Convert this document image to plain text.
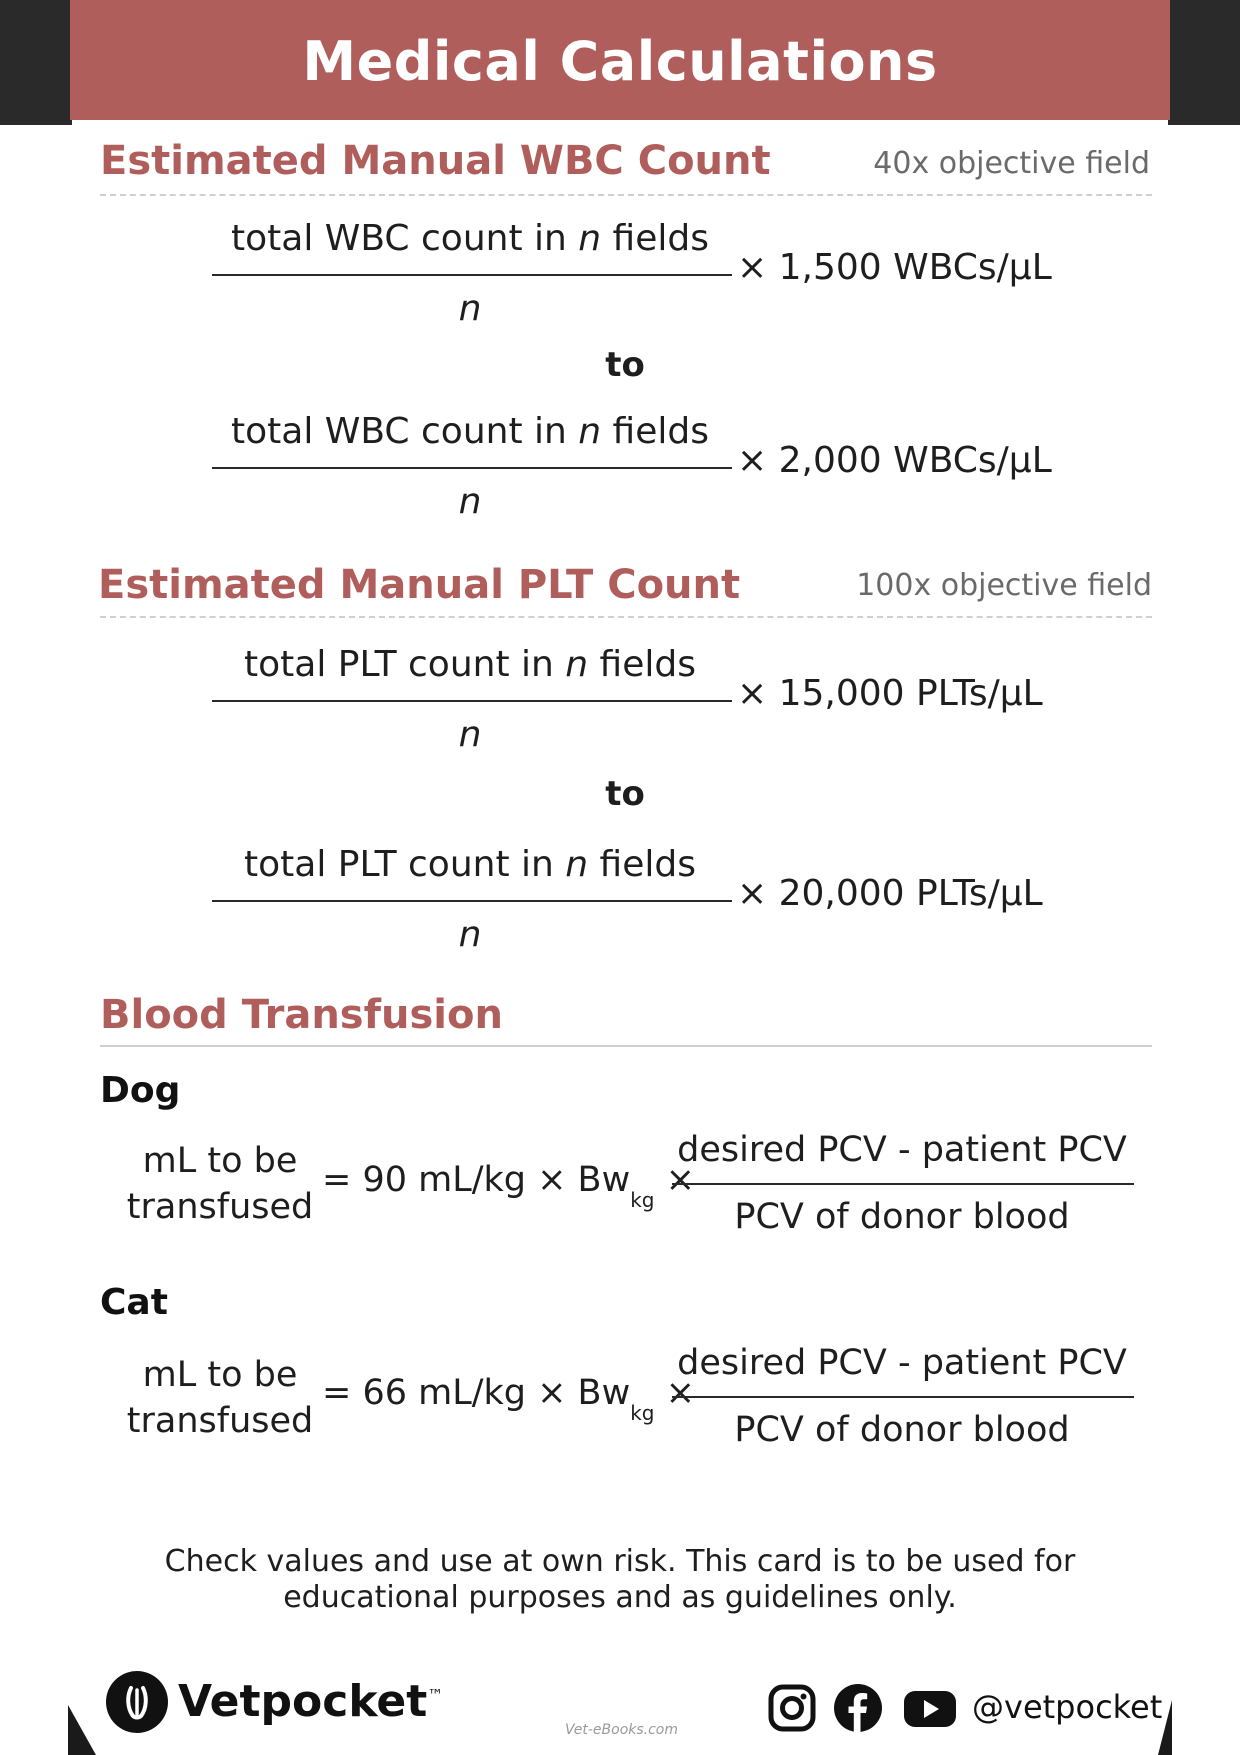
Medical Calculations
Estimated Manual WBC Count	40x objective field
total WBC count in n fields
n
× 1,500 WBCs/μL
to
total WBC count in n fields
n
× 2,000 WBCs/μL
Estimated Manual PLT Count	100x objective field
total PLT count in n fields
n
× 15,000 PLTs/μL
to
total PLT count in n fields
n
× 20,000 PLTs/μL
Blood Transfusion
Dog
mL to be
transfused
= 90 $mL/kg \times Bw_{kg}$ ×
desired PCV - patient PCV
PCV of donor blood
Cat
mL to be
transfused
= 66 $mL/kg \times Bw_{kg}$ ×
desired PCV - patient PCV
PCV of donor blood
Check values and use at own risk. This card is to be used for
educational purposes and as guidelines only.
Vetpocket™
Vet-eBooks.com
@vetpocket
